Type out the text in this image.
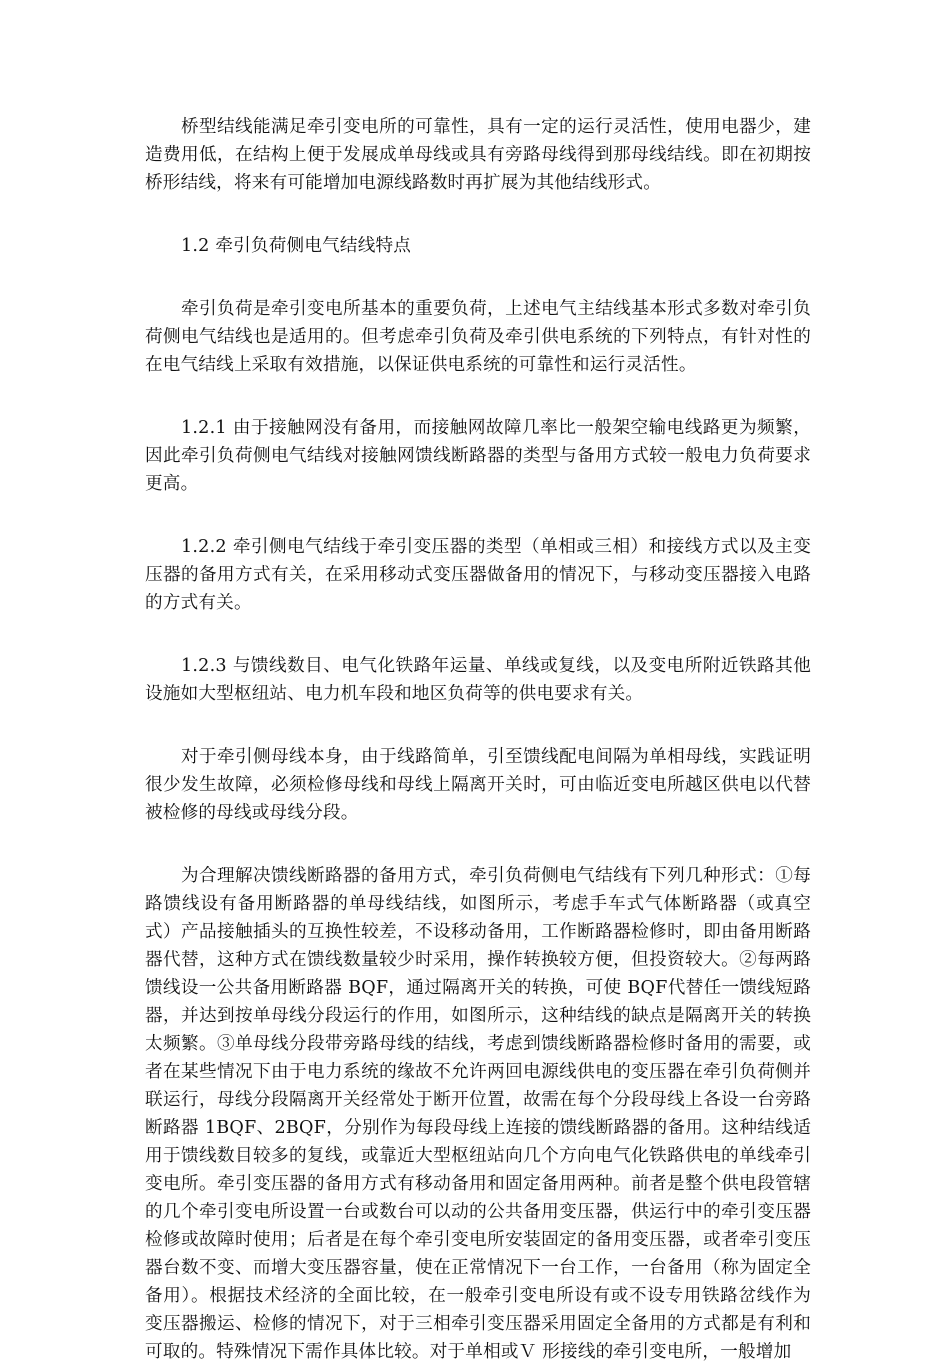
桥型结线能满足牵引变电所的可靠性，具有一定的运行灵活性，使用电器少，建造费用低，在结构上便于发展成单母线或具有旁路母线得到那母线结线。即在初期按桥形结线，将来有可能增加电源线路数时再扩展为其他结线形式。

1.2 牵引负荷侧电气结线特点

牵引负荷是牵引变电所基本的重要负荷，上述电气主结线基本形式多数对牵引负荷侧电气结线也是适用的。但考虑牵引负荷及牵引供电系统的下列特点，有针对性的在电气结线上采取有效措施，以保证供电系统的可靠性和运行灵活性。

1.2.1 由于接触网没有备用，而接触网故障几率比一般架空输电线路更为频繁，因此牵引负荷侧电气结线对接触网馈线断路器的类型与备用方式较一般电力负荷要求更高。

1.2.2 牵引侧电气结线于牵引变压器的类型（单相或三相）和接线方式以及主变压器的备用方式有关，在采用移动式变压器做备用的情况下，与移动变压器接入电路的方式有关。

1.2.3 与馈线数目、电气化铁路年运量、单线或复线，以及变电所附近铁路其他设施如大型枢纽站、电力机车段和地区负荷等的供电要求有关。

对于牵引侧母线本身，由于线路简单，引至馈线配电间隔为单相母线，实践证明很少发生故障，必须检修母线和母线上隔离开关时，可由临近变电所越区供电以代替被检修的母线或母线分段。

为合理解决馈线断路器的备用方式，牵引负荷侧电气结线有下列几种形式：①每路馈线设有备用断路器的单母线结线，如图所示，考虑手车式气体断路器（或真空式）产品接触插头的互换性较差，不设移动备用，工作断路器检修时，即由备用断路器代替，这种方式在馈线数量较少时采用，操作转换较方便，但投资较大。②每两路馈线设一公共备用断路器 BQF，通过隔离开关的转换，可使 BQF代替任一馈线短路器，并达到按单母线分段运行的作用，如图所示，这种结线的缺点是隔离开关的转换太频繁。③单母线分段带旁路母线的结线，考虑到馈线断路器检修时备用的需要，或者在某些情况下由于电力系统的缘故不允许两回电源线供电的变压器在牵引负荷侧并联运行，母线分段隔离开关经常处于断开位置，故需在每个分段母线上各设一台旁路断路器 1BQF、2BQF，分别作为每段母线上连接的馈线断路器的备用。这种结线适用于馈线数目较多的复线，或靠近大型枢纽站向几个方向电气化铁路供电的单线牵引变电所。牵引变压器的备用方式有移动备用和固定备用两种。前者是整个供电段管辖的几个牵引变电所设置一台或数台可以动的公共备用变压器，供运行中的牵引变压器检修或故障时使用；后者是在每个牵引变电所安装固定的备用变压器，或者牵引变压器台数不变、而增大变压器容量，使在正常情况下一台工作，一台备用（称为固定全备用）。根据技术经济的全面比较，在一般牵引变电所设有或不设专用铁路岔线作为变压器搬运、检修的情况下，对于三相牵引变压器采用固定全备用的方式都是有利和可取的。特殊情况下需作具体比较。对于单相或Ｖ 形接线的牵引变电所，一般增加
